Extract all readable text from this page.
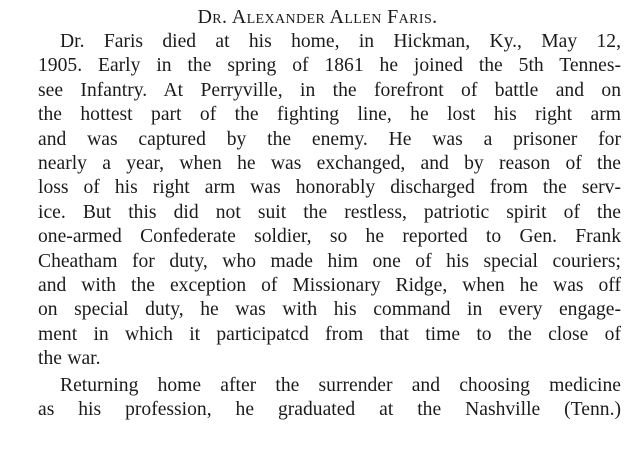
Dr. Alexander Allen Faris.
Dr. Faris died at his home, in Hickman, Ky., May 12,
1905. Early in the spring of 1861 he joined the 5th Tennes-
see Infantry. At Perryville, in the forefront of battle and on
the hottest part of the fighting line, he lost his right arm
and was captured by the enemy. He was a prisoner for
nearly a year, when he was exchanged, and by reason of the
loss of his right arm was honorably discharged from the serv-
ice. But this did not suit the restless, patriotic spirit of the
one-armed Confederate soldier, so he reported to Gen. Frank
Cheatham for duty, who made him one of his special couriers;
and with the exception of Missionary Ridge, when he was off
on special duty, he was with his command in every engage-
ment in which it participatcd from that time to the close of
the war.
Returning home after the surrender and choosing medicine
as his profession, he graduated at the Nashville (Tenn.)
